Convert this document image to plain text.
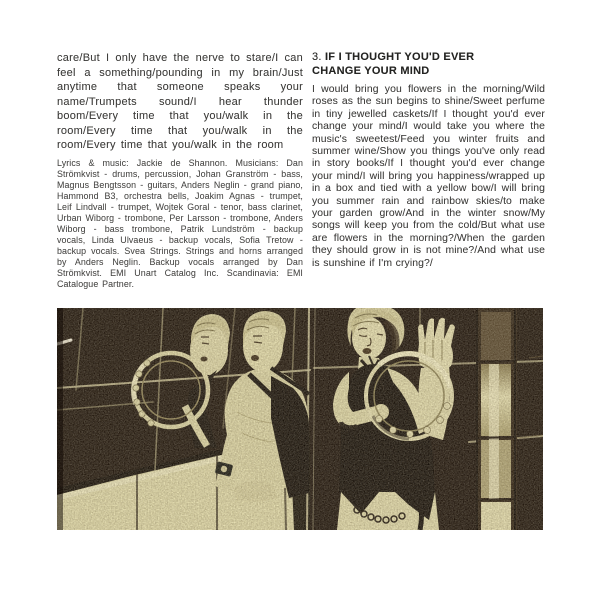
care/But I only have the nerve to stare/I can feel a something/pounding in my brain/Just anytime that someone speaks your name/Trumpets sound/I hear thunder boom/Every time that you/walk in the room/Every time that you/walk in the room/Every time that you/walk in the room

Lyrics & music: Jackie de Shannon. Musicians: Dan Strömkvist - drums, percussion, Johan Granström - bass, Magnus Bengtsson - guitars, Anders Neglin - grand piano, Hammond B3, orchestra bells, Joakim Agnas - trumpet, Leif Lindvall - trumpet, Wojtek Goral - tenor, bass clarinet, Urban Wiborg - trombone, Per Larsson - trombone, Anders Wiborg - bass trombone, Patrik Lundström - backup vocals, Linda Ulvaeus - backup vocals, Sofia Tretow - backup vocals. Svea Strings. Strings and horns arranged by Anders Neglin. Backup vocals arranged by Dan Strömkvist. EMI Unart Catalog Inc. Scandinavia: EMI Catalogue Partner.

3. IF I THOUGHT YOU'D EVER
CHANGE YOUR MIND

I would bring you flowers in the morning/Wild roses as the sun begins to shine/Sweet perfume in tiny jewelled caskets/If I thought you'd ever change your mind/I would take you where the music's sweetest/Feed you winter fruits and summer wine/Show you things you've only read in story books/If I thought you'd ever change your mind/I will bring you happiness/wrapped up in a box and tied with a yellow bow/I will bring you summer rain and rainbow skies/to make your garden grow/And in the winter snow/My songs will keep you from the cold/But what use are flowers in the morning?/When the garden they should grow in is not mine?/And what use is sunshine if I'm crying?/
